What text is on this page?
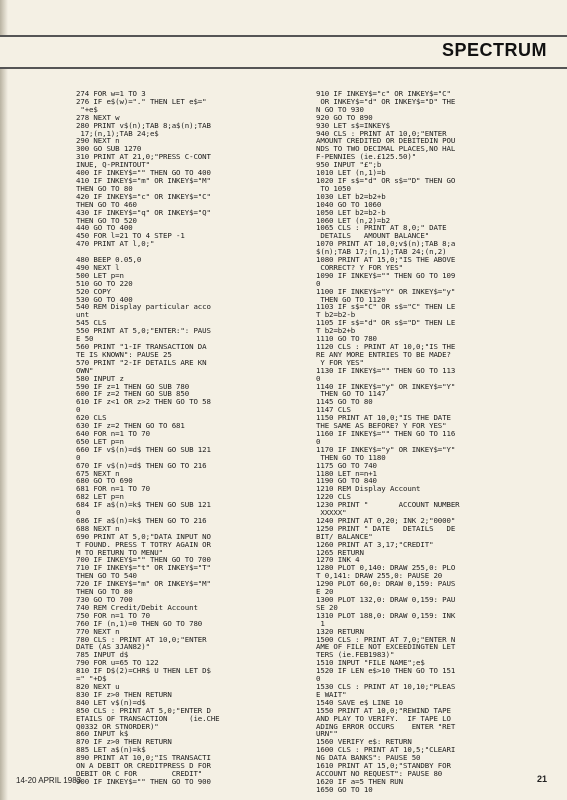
SPECTRUM
274 FOR w=1 TO 3
276 IF e$(w)="." THEN LET e$="
"+e$
278 NEXT w
280 PRINT v$(n);TAB 8;a$(n);TAB
17;(n,1);TAB 24;e$
290 NEXT n
300 GO SUB 1270
310 PRINT AT 21,0;"PRESS C-CONT
INUE, Q-PRINTOUT"
400 IF INKEY$="" THEN GO TO 400
410 IF INKEY$="m" OR INKEY$="M"
THEN GO TO 80
420 IF INKEY$="c" OR INKEY$="C"
THEN GO TO 460
430 IF INKEY$="q" OR INKEY$="Q"
THEN GO TO 520
440 GO TO 400
450 FOR l=21 TO 4 STEP -1
470 PRINT AT l,0;"

480 BEEP 0.05,0
490 NEXT l
500 LET p=n
510 GO TO 220
520 COPY
530 GO TO 400
540 REM Display particular acco
unt
545 CLS
550 PRINT AT 5,0;"ENTER:": PAUS
E 50
560 PRINT "1-IF TRANSACTION DA
TE IS KNOWN": PAUSE 25
570 PRINT "2-IF DETAILS ARE KN
OWN"
580 INPUT z
590 IF z=1 THEN GO SUB 780
600 IF z=2 THEN GO SUB 850
610 IF z<1 OR z>2 THEN GO TO 58
0
620 CLS
630 IF z=2 THEN GO TO 681
640 FOR n=1 TO 70
650 LET p=n
660 IF v$(n)=d$ THEN GO SUB 121
0
670 IF v$(n)=d$ THEN GO TO 216
675 NEXT n
680 GO TO 690
681 FOR n=1 TO 70
682 LET p=n
684 IF a$(n)=k$ THEN GO SUB 121
0
686 IF a$(n)=k$ THEN GO TO 216
688 NEXT n
690 PRINT AT 5,0;"DATA INPUT NO
T FOUND. PRESS T TOTRY AGAIN OR
M TO RETURN TO MENU"
700 IF INKEY$="" THEN GO TO 700
710 IF INKEY$="t" OR INKEY$="T"
THEN GO TO 540
720 IF INKEY$="m" OR INKEY$="M"
THEN GO TO 80
730 GO TO 700
740 REM Credit/Debit Account
750 FOR n=1 TO 70
760 IF (n,1)=0 THEN GO TO 780
770 NEXT n
780 CLS : PRINT AT 10,0;"ENTER
DATE (AS 3JAN82)"
785 INPUT d$
790 FOR u=65 TO 122
810 IF D$(2)=CHR$ U THEN LET D$
=" "+D$
820 NEXT u
830 IF z>0 THEN RETURN
840 LET v$(n)=d$
850 CLS : PRINT AT 5,0;"ENTER D
ETAILS OF TRANSACTION     (ie.CHE
Q0332 OR STNORDER)"
860 INPUT k$
870 IF z>0 THEN RETURN
885 LET a$(n)=k$
890 PRINT AT 10,0;"IS TRANSACTI
ON A DEBIT OR CREDITPRESS D FOR
DEBIT OR C FOR        CREDIT"
900 IF INKEY$="" THEN GO TO 900
910 IF INKEY$="c" OR INKEY$="C"
OR INKEY$="d" OR INKEY$="D" THE
N GO TO 930
920 GO TO 890
930 LET s$=INKEY$
940 CLS : PRINT AT 10,0;"ENTER
AMOUNT CREDITED OR DEBITEDIN POU
NDS TO TWO DECIMAL PLACES,NO HAL
F-PENNIES (ie.£125.50)"
950 INPUT "£";b
1010 LET (n,1)=b
1020 IF s$="d" OR s$="D" THEN GO
TO 1050
1030 LET b2=b2+b
1040 GO TO 1060
1050 LET b2=b2-b
1060 LET (n,2)=b2
1065 CLS : PRINT AT 8,0;" DATE
DETAILS   AMOUNT BALANCE"
1070 PRINT AT 10,0;v$(n);TAB 8;a
$(n);TAB 17;(n,1);TAB 24;(n,2)
1080 PRINT AT 15,0;"IS THE ABOVE
CORRECT? Y FOR YES"
1090 IF INKEY$="" THEN GO TO 109
0
1100 IF INKEY$="Y" OR INKEY$="y"
THEN GO TO 1120
1103 IF s$="C" OR s$="C" THEN LE
T b2=b2-b
1105 IF s$="d" OR s$="D" THEN LE
T b2=b2+b
1110 GO TO 780
1120 CLS : PRINT AT 10,0;"IS THE
RE ANY MORE ENTRIES TO BE MADE?
Y FOR YES"
1130 IF INKEY$="" THEN GO TO 113
0
1140 IF INKEY$="y" OR INKEY$="Y"
THEN GO TO 1147
1145 GO TO 80
1147 CLS
1150 PRINT AT 10,0;"IS THE DATE
THE SAME AS BEFORE? Y FOR YES"
1160 IF INKEY$="" THEN GO TO 116
0
1170 IF INKEY$="y" OR INKEY$="Y"
THEN GO TO 1180
1175 GO TO 740
1180 LET n=n+1
1190 GO TO 840
1210 REM Display Account
1220 CLS
1230 PRINT "       ACCOUNT NUMBER
XXXXX"
1240 PRINT AT 0,20; INK 2;"0000"
1250 PRINT " DATE   DETAILS   DE
BIT/ BALANCE"
1260 PRINT AT 3,17;"CREDIT"
1265 RETURN
1270 INK 4
1280 PLOT 0,140: DRAW 255,0: PLO
T 0,141: DRAW 255,0: PAUSE 20
1290 PLOT 60,0: DRAW 0,159: PAUS
E 20
1300 PLOT 132,0: DRAW 0,159: PAU
SE 20
1310 PLOT 188,0: DRAW 0,159: INK
1
1320 RETURN
1500 CLS : PRINT AT 7,0;"ENTER N
AME OF FILE NOT EXCEEDINGTEN LET
TERS (ie.FEB1983)"
1510 INPUT "FILE NAME";e$
1520 IF LEN e$>10 THEN GO TO 151
0
1530 CLS : PRINT AT 10,10;"PLEAS
E WAIT"
1540 SAVE e$ LINE 10
1550 PRINT AT 10,0;"REWIND TAPE
AND PLAY TO VERIFY.  IF TAPE LO
ADING ERROR OCCURS    ENTER "RET
URN""
1560 VERIFY e$: RETURN
1600 CLS : PRINT AT 10,5;"CLEARI
NG DATA BANKS": PAUSE 50
1610 PRINT AT 15,0;"STANDBY FOR
ACCOUNT NO REQUEST": PAUSE 80
1620 IF a=5 THEN RUN
1650 GO TO 10
14-20 APRIL 1983	21
